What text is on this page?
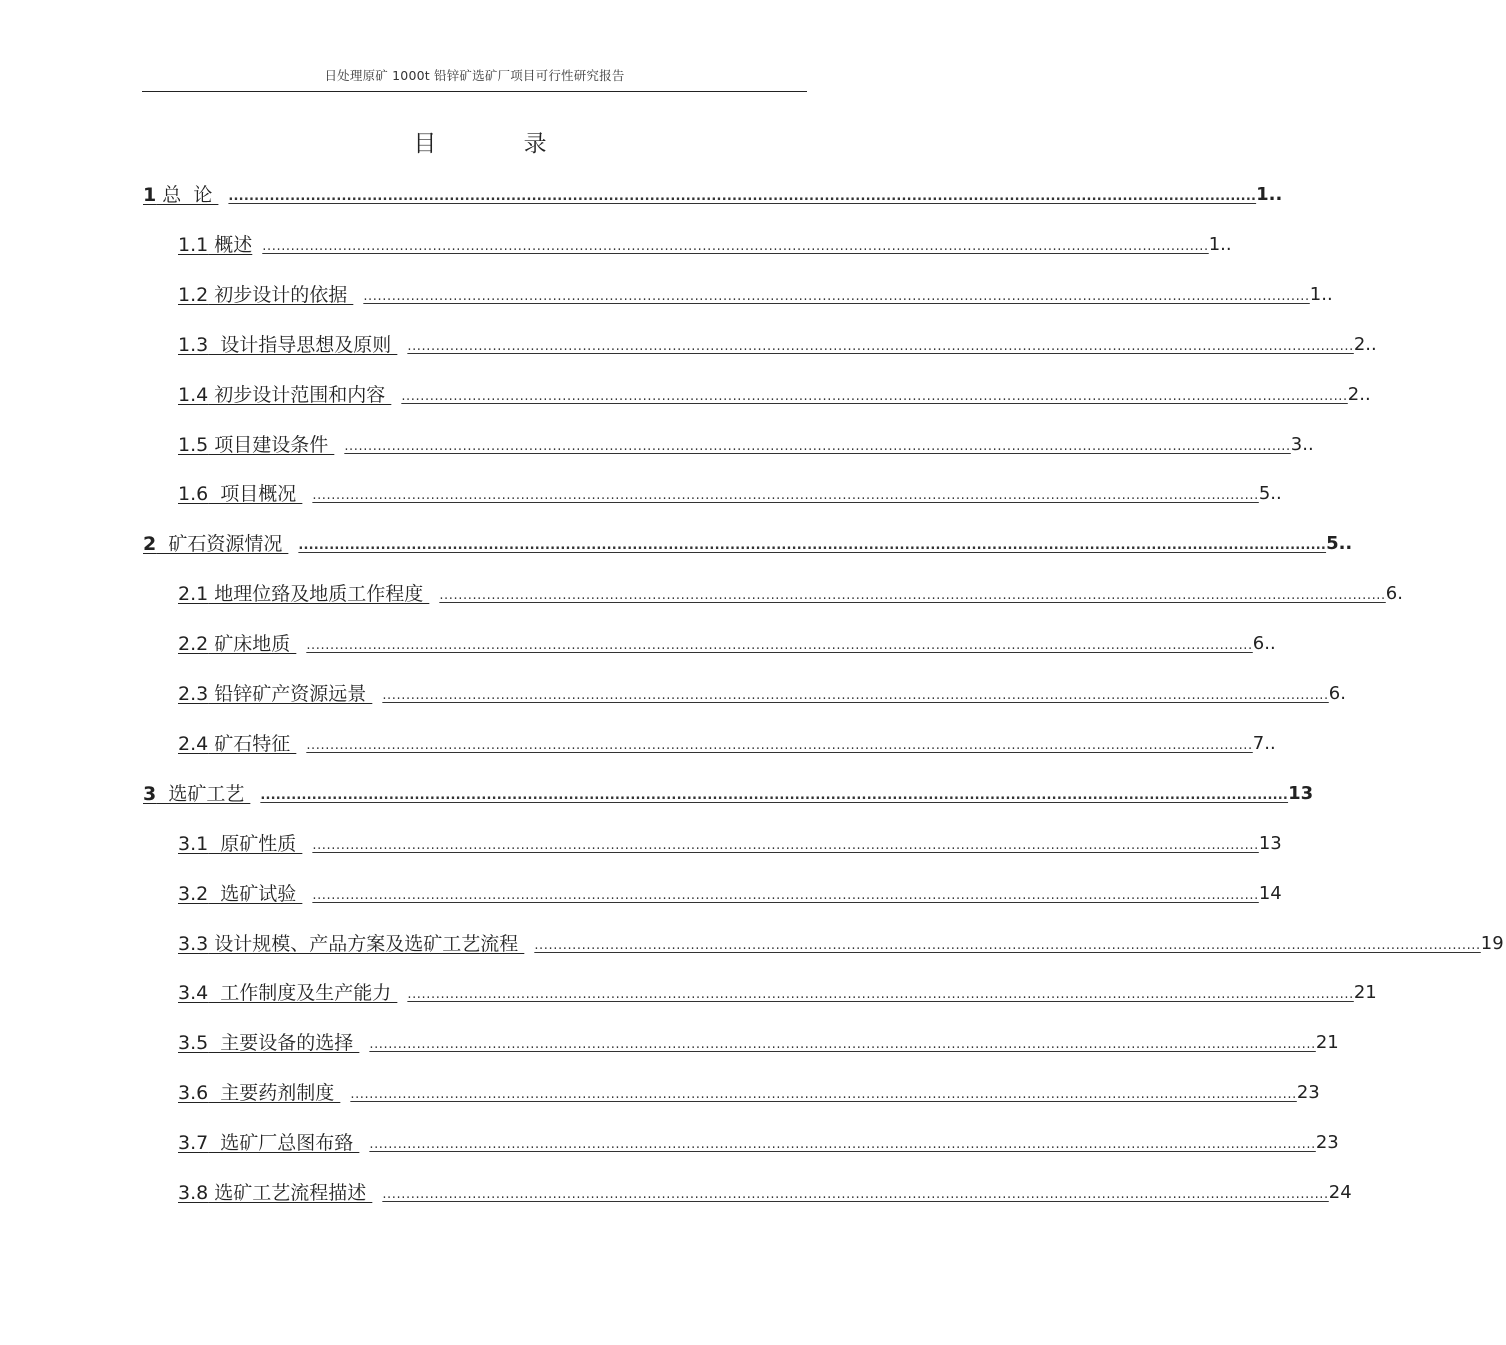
日处理原矿 1000t 铅锌矿选矿厂项目可行性研究报告
目 录
1 总  论 ........................................................................................................................................................................................................ 1..
1.1 概述 ........................................................................................................................................................................................................ 1..
1.2 初步设计的依据 ........................................................................................................................................................................................................ 1..
1.3  设计指导思想及原则 ........................................................................................................................................................................................................ 2..
1.4 初步设计范围和内容 ........................................................................................................................................................................................................ 2..
1.5 项目建设条件 ........................................................................................................................................................................................................ 3..
1.6  项目概况 ........................................................................................................................................................................................................ 5..
2  矿石资源情况 ........................................................................................................................................................................................................ 5..
2.1 地理位臵及地质工作程度 ........................................................................................................................................................................................................ 6.
2.2 矿床地质 ........................................................................................................................................................................................................ 6..
2.3 铅锌矿产资源远景 ........................................................................................................................................................................................................ 6.
2.4 矿石特征 ........................................................................................................................................................................................................ 7..
3  选矿工艺 ........................................................................................................................................................................................................ 13
3.1  原矿性质 ........................................................................................................................................................................................................ 13
3.2  选矿试验 ........................................................................................................................................................................................................ 14
3.3 设计规模、产品方案及选矿工艺流程 ........................................................................................................................................................................................................ 19
3.4  工作制度及生产能力 ........................................................................................................................................................................................................ 21
3.5  主要设备的选择 ........................................................................................................................................................................................................ 21
3.6  主要药剂制度 ........................................................................................................................................................................................................ 23
3.7  选矿厂总图布臵 ........................................................................................................................................................................................................ 23
3.8 选矿工艺流程描述 ........................................................................................................................................................................................................ 24
